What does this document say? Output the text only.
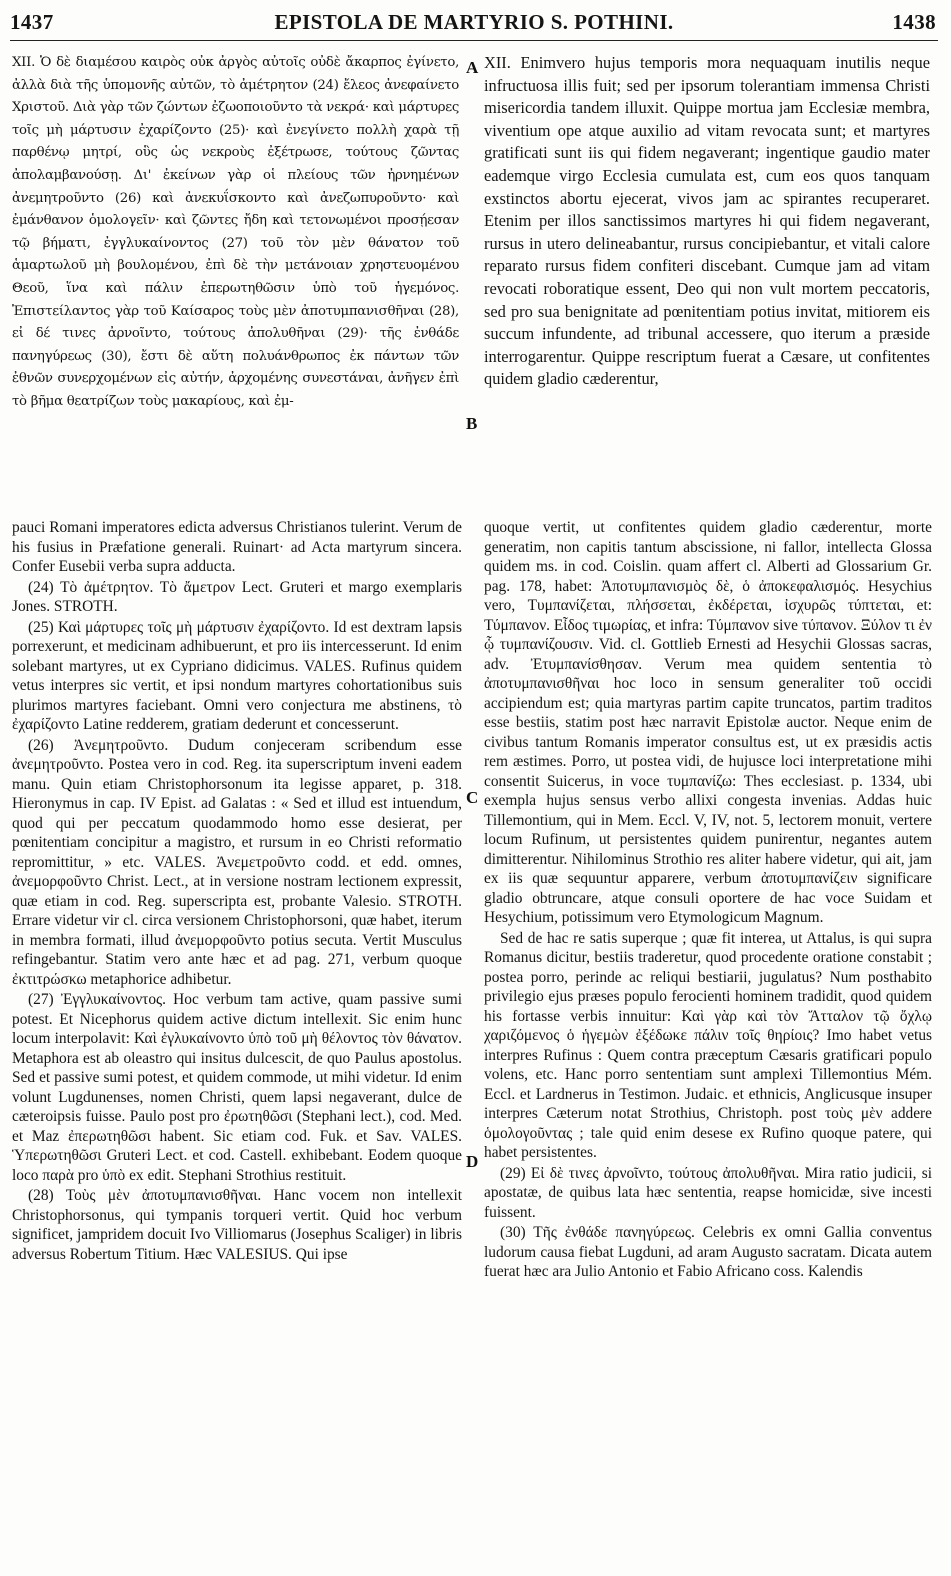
1437	EPISTOLA DE MARTYRIO S. POTHINI.	1438
A
B
C
D

XII. Ὁ δὲ διαμέσου καιρὸς οὐκ ἀργὸς αὐτοῖς οὐδὲ ἄκαρπος ἐγίνετο, ἀλλὰ διὰ τῆς ὑπομονῆς αὐτῶν, τὸ ἀμέτρητον (24) ἔλεος ἀνεφαίνετο Χριστοῦ. Διὰ γὰρ τῶν ζώντων ἐζωοποιοῦντο τὰ νεκρά· καὶ μάρτυρες τοῖς μὴ μάρτυσιν ἐχαρίζοντο (25)· καὶ ἐνεγίνετο πολλὴ χαρὰ τῇ παρθένῳ μητρί, οὓς ὡς νεκροὺς ἐξέτρωσε, τούτους ζῶντας ἀπολαμβανούσῃ. Δι' ἐκείνων γὰρ οἱ πλείους τῶν ἠρνημένων ἀνεμητροῦντο (26) καὶ ἀνεκυΐσκοντο καὶ ἀνεζωπυροῦντο· καὶ ἐμάνθανον ὁμολογεῖν· καὶ ζῶντες ἤδη καὶ τετονωμένοι προσῄεσαν τῷ βήματι, ἐγγλυκαίνοντος (27) τοῦ τὸν μὲν θάνατον τοῦ ἁμαρτωλοῦ μὴ βουλομένου, ἐπὶ δὲ τὴν μετάνοιαν χρηστευομένου Θεοῦ, ἵνα καὶ πάλιν ἐπερωτηθῶσιν ὑπὸ τοῦ ἡγεμόνος. Ἐπιστείλαντος γὰρ τοῦ Καίσαρος τοὺς μὲν ἀποτυμπανισθῆναι (28), εἰ δέ τινες ἀρνοῖντο, τούτους ἀπολυθῆναι (29)· τῆς ἐνθάδε πανηγύρεως (30), ἔστι δὲ αὕτη πολυάνθρωπος ἐκ πάντων τῶν ἐθνῶν συνερχομένων εἰς αὐτήν, ἀρχομένης συνεστάναι, ἀνῆγεν ἐπὶ τὸ βῆμα θεατρίζων τοὺς μακαρίους, καὶ ἐμ-

XII. Enimvero hujus temporis mora nequaquam inutilis neque infructuosa illis fuit; sed per ipsorum tolerantiam immensa Christi misericordia tandem illuxit. Quippe mortua jam Ecclesiæ membra, viventium ope atque auxilio ad vitam revocata sunt; et martyres gratificati sunt iis qui fidem negaverant; ingentique gaudio mater eademque virgo Ecclesia cumulata est, cum eos quos tanquam exstinctos abortu ejecerat, vivos jam ac spirantes recuperaret. Etenim per illos sanctissimos martyres hi qui fidem negaverant, rursus in utero delineabantur, rursus concipiebantur, et vitali calore reparato rursus fidem confiteri discebant. Cumque jam ad vitam revocati roboratique essent, Deo qui non vult mortem peccatoris, sed pro sua benignitate ad pœnitentiam potius invitat, mitiorem eis succum infundente, ad tribunal accessere, quo iterum a præside interrogarentur. Quippe rescriptum fuerat a Cæsare, ut confitentes quidem gladio cæderentur,

pauci Romani imperatores edicta adversus Christianos tulerint. Verum de his fusius in Præfatione generali. Ruinart· ad Acta martyrum sincera. Confer Eusebii verba supra adducta.

(24) Τὸ ἀμέτρητον. Τὸ ἄμετρον Lect. Gruteri et margo exemplaris Jones. STROTH.

(25) Καὶ μάρτυρες τοῖς μὴ μάρτυσιν ἐχαρίζοντο. Id est dextram lapsis porrexerunt, et medicinam adhibuerunt, et pro iis intercesserunt. Id enim solebant martyres, ut ex Cypriano didicimus. VALES. Rufinus quidem vetus interpres sic vertit, et ipsi nondum martyres cohortationibus suis plurimos martyres faciebant. Omni vero conjectura me abstinens, τὸ ἐχαρίζοντο Latine redderem, gratiam dederunt et concesserunt.

(26) Ἀνεμητροῦντο. Dudum conjeceram scribendum esse ἀνεμητροῦντο. Postea vero in cod. Reg. ita superscriptum inveni eadem manu. Quin etiam Christophorsonum ita legisse apparet, p. 318. Hieronymus in cap. IV Epist. ad Galatas : « Sed et illud est intuendum, quod qui per peccatum quodammodo homo esse desierat, per pœnitentiam concipitur a magistro, et rursum in eo Christi reformatio repromittitur, » etc. VALES. Ἀνεμετροῦντο codd. et edd. omnes, ἀνεμορφοῦντο Christ. Lect., at in versione nostram lectionem expressit, quæ etiam in cod. Reg. superscripta est, probante Valesio. STROTH. Errare videtur vir cl. circa versionem Christophorsoni, quæ habet, iterum in membra formati, illud ἀνεμορφοῦντο potius secuta. Vertit Musculus refingebantur. Statim vero ante hæc et ad pag. 271, verbum quoque ἐκτιτρώσκω metaphorice adhibetur.

(27) Ἐγγλυκαίνοντος. Hoc verbum tam active, quam passive sumi potest. Et Nicephorus quidem active dictum intellexit. Sic enim hunc locum interpolavit: Καὶ ἐγλυκαίνοντο ὑπὸ τοῦ μὴ θέλοντος τὸν θάνατον. Metaphora est ab oleastro qui insitus dulcescit, de quo Paulus apostolus. Sed et passive sumi potest, et quidem commode, ut mihi videtur. Id enim volunt Lugdunenses, nomen Christi, quem lapsi negaverant, dulce de cæteroipsis fuisse. Paulo post pro ἐρωτηθῶσι (Stephani lect.), cod. Med. et Maz ἐπερωτηθῶσι habent. Sic etiam cod. Fuk. et Sav. VALES. Ὑπερωτηθῶσι Gruteri Lect. et cod. Castell. exhibebant. Eodem quoque loco παρὰ pro ὑπὸ ex edit. Stephani Strothius restituit.

(28) Τοὺς μὲν ἀποτυμπανισθῆναι. Hanc vocem non intellexit Christophorsonus, qui tympanis torqueri vertit. Quid hoc verbum significet, jampridem docuit Ivo Villiomarus (Josephus Scaliger) in libris adversus Robertum Titium. Hæc VALESIUS. Qui ipse

quoque vertit, ut confitentes quidem gladio cæderentur, morte generatim, non capitis tantum abscissione, ni fallor, intellecta Glossa quidem ms. in cod. Coislin. quam affert cl. Alberti ad Glossarium Gr. pag. 178, habet: Ἀποτυμπανισμὸς δὲ, ὁ ἀποκεφαλισμός. Hesychius vero, Τυμπανίζεται, πλήσσεται, ἐκδέρεται, ἰσχυρῶς τύπτεται, et: Τύμπανον. Εἶδος τιμωρίας, et infra: Τύμπανον sive τύπανον. Ξύλον τι ἐν ᾧ τυμπανίζουσιν. Vid. cl. Gottlieb Ernesti ad Hesychii Glossas sacras, adv. Ἐτυμπανίσθησαν. Verum mea quidem sententia τὸ ἀποτυμπανισθῆναι hoc loco in sensum generaliter τοῦ occidi accipiendum est; quia martyras partim capite truncatos, partim traditos esse bestiis, statim post hæc narravit Epistolæ auctor. Neque enim de civibus tantum Romanis imperator consultus est, ut ex præsidis actis rem æstimes. Porro, ut postea vidi, de hujusce loci interpretatione mihi consentit Suicerus, in voce τυμπανίζω: Thes ecclesiast. p. 1334, ubi exempla hujus sensus verbo allixi congesta invenias. Addas huic Tillemontium, qui in Mem. Eccl. V, IV, not. 5, lectorem monuit, vertere locum Rufinum, ut persistentes quidem punirentur, negantes autem dimitterentur. Nihilominus Strothio res aliter habere videtur, qui ait, jam ex iis quæ sequuntur apparere, verbum ἀποτυμπανίζειν significare gladio obtruncare, atque consuli oportere de hac voce Suidam et Hesychium, potissimum vero Etymologicum Magnum.

Sed de hac re satis superque ; quæ fit interea, ut Attalus, is qui supra Romanus dicitur, bestiis traderetur, quod procedente oratione constabit ; postea porro, perinde ac reliqui bestiarii, jugulatus? Num posthabito privilegio ejus præses populo ferocienti hominem tradidit, quod quidem his fortasse verbis innuitur: Καὶ γὰρ καὶ τὸν Ἄτταλον τῷ ὄχλῳ χαριζόμενος ὁ ἡγεμὼν ἐξέδωκε πάλιν τοῖς θηρίοις? Imo habet vetus interpres Rufinus : Quem contra præceptum Cæsaris gratificari populo volens, etc. Hanc porro sententiam sunt amplexi Tillemontius Mém. Eccl. et Lardnerus in Testimon. Judaic. et ethnicis, Anglicusque insuper interpres Cæterum notat Strothius, Christoph. post τοὺς μὲν addere ὁμολογοῦντας ; tale quid enim desese ex Rufino quoque patere, qui habet persistentes.

(29) Εἰ δὲ τινες ἀρνοῖντο, τούτους ἀπολυθῆναι. Mira ratio judicii, si apostatæ, de quibus lata hæc sententia, reapse homicidæ, sive incesti fuissent.

(30) Τῆς ἐνθάδε πανηγύρεως. Celebris ex omni Gallia conventus ludorum causa fiebat Lugduni, ad aram Augusto sacratam. Dicata autem fuerat hæc ara Julio Antonio et Fabio Africano coss. Kalendis
